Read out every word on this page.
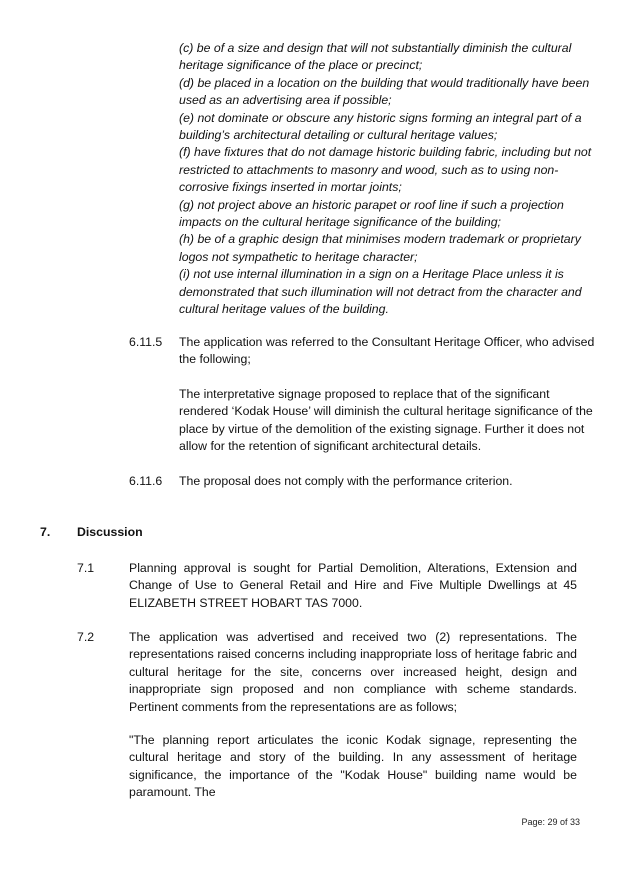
(c) be of a size and design that will not substantially diminish the cultural heritage significance of the place or precinct;

(d) be placed in a location on the building that would traditionally have been used as an advertising area if possible;

(e) not dominate or obscure any historic signs forming an integral part of a building’s architectural detailing or cultural heritage values;

(f) have fixtures that do not damage historic building fabric, including but not restricted to attachments to masonry and wood, such as to using non-corrosive fixings inserted in mortar joints;

(g) not project above an historic parapet or roof line if such a projection impacts on the cultural heritage significance of the building;

(h) be of a graphic design that minimises modern trademark or proprietary logos not sympathetic to heritage character;

(i) not use internal illumination in a sign on a Heritage Place unless it is demonstrated that such illumination will not detract from the character and cultural heritage values of the building.

6.11.5	The application was referred to the Consultant Heritage Officer, who advised the following;
The interpretative signage proposed to replace that of the significant rendered ‘Kodak House’ will diminish the cultural heritage significance of the place by virtue of the demolition of the existing signage. Further it does not allow for the retention of significant architectural details.
6.11.6	The proposal does not comply with the performance criterion.
7. Discussion
7.1	Planning approval is sought for Partial Demolition, Alterations, Extension and Change of Use to General Retail and Hire and Five Multiple Dwellings at 45 ELIZABETH STREET HOBART TAS 7000.
7.2	The application was advertised and received two (2) representations. The representations raised concerns including inappropriate loss of heritage fabric and cultural heritage for the site, concerns over increased height, design and inappropriate sign proposed and non compliance with scheme standards. Pertinent comments from the representations are as follows;
"The planning report articulates the iconic Kodak signage, representing the cultural heritage and story of the building. In any assessment of heritage significance, the importance of the "Kodak House" building name would be paramount. The
Page: 29 of 33
